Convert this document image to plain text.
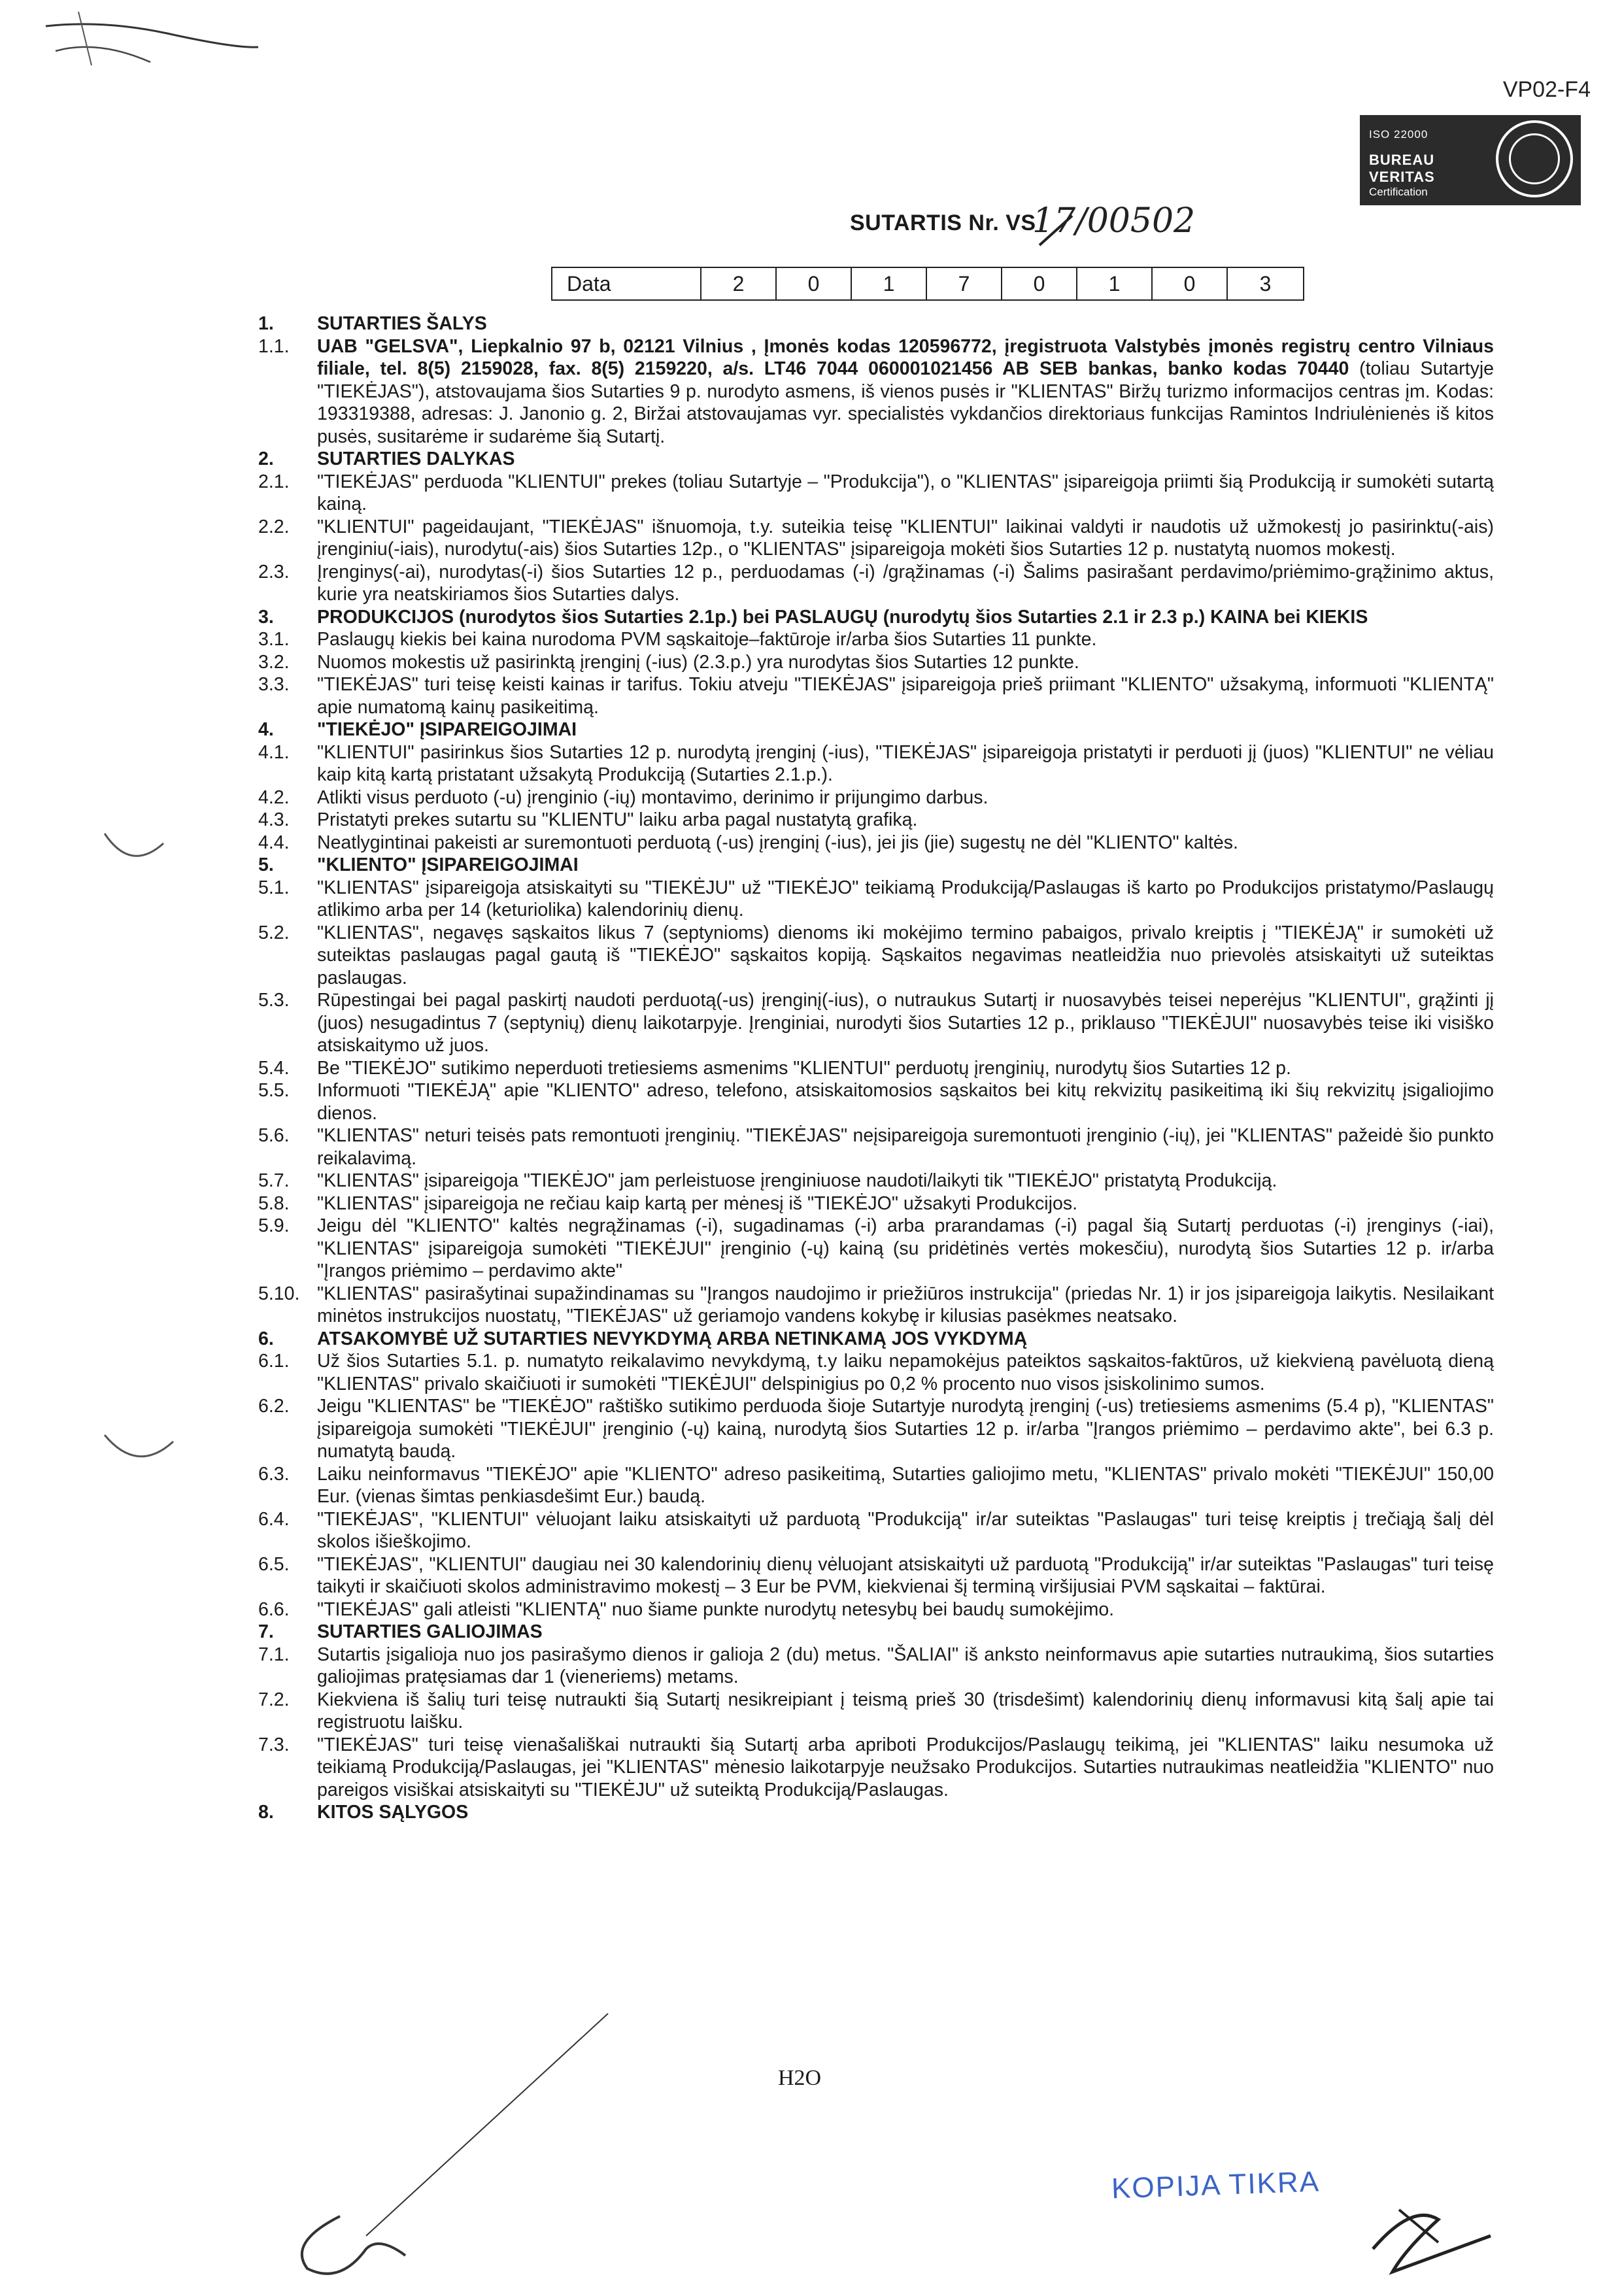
VP02-F4
ISO 22000
BUREAU VERITAS
Certification
SUTARTIS Nr. VS
17/00502
Data	2	0	1	7	0	1	0	3
1.	SUTARTIES ŠALYS
1.1.	UAB "GELSVA", Liepkalnio 97 b, 02121 Vilnius , Įmonės kodas 120596772, įregistruota Valstybės įmonės registrų centro Vilniaus filiale, tel. 8(5) 2159028, fax. 8(5) 2159220, a/s. LT46 7044 060001021456 AB SEB bankas, banko kodas 70440 (toliau Sutartyje "TIEKĖJAS"), atstovaujama šios Sutarties 9 p. nurodyto asmens, iš vienos pusės ir "KLIENTAS" Biržų turizmo informacijos centras įm. Kodas: 193319388, adresas: J. Janonio g. 2, Biržai atstovaujamas vyr. specialistės vykdančios direktoriaus funkcijas Ramintos Indriulėnienės iš kitos pusės, susitarėme ir sudarėme šią Sutartį.
2.	SUTARTIES DALYKAS
2.1.	"TIEKĖJAS" perduoda "KLIENTUI" prekes (toliau Sutartyje – "Produkcija"), o "KLIENTAS" įsipareigoja priimti šią Produkciją ir sumokėti sutartą kainą.
2.2.	"KLIENTUI" pageidaujant, "TIEKĖJAS" išnuomoja, t.y. suteikia teisę "KLIENTUI" laikinai valdyti ir naudotis už užmokestį jo pasirinktu(-ais) įrenginiu(-iais), nurodytu(-ais) šios Sutarties 12p., o "KLIENTAS" įsipareigoja mokėti šios Sutarties 12 p. nustatytą nuomos mokestį.
2.3.	Įrenginys(-ai), nurodytas(-i) šios Sutarties 12 p., perduodamas (-i) /grąžinamas (-i) Šalims pasirašant perdavimo/priėmimo-grąžinimo aktus, kurie yra neatskiriamos šios Sutarties dalys.
3.	PRODUKCIJOS (nurodytos šios Sutarties 2.1p.) bei PASLAUGŲ (nurodytų šios Sutarties 2.1 ir 2.3 p.) KAINA bei KIEKIS
3.1.	Paslaugų kiekis bei kaina nurodoma PVM sąskaitoje–faktūroje ir/arba šios Sutarties 11 punkte.
3.2.	Nuomos mokestis už pasirinktą įrenginį (-ius) (2.3.p.) yra nurodytas šios Sutarties 12 punkte.
3.3.	"TIEKĖJAS" turi teisę keisti kainas ir tarifus. Tokiu atveju "TIEKĖJAS" įsipareigoja prieš priimant "KLIENTO" užsakymą, informuoti "KLIENTĄ" apie numatomą kainų pasikeitimą.
4.	"TIEKĖJO" ĮSIPAREIGOJIMAI
4.1.	"KLIENTUI" pasirinkus šios Sutarties 12 p. nurodytą įrenginį (-ius), "TIEKĖJAS" įsipareigoja pristatyti ir perduoti jį (juos) "KLIENTUI" ne vėliau kaip kitą kartą pristatant užsakytą Produkciją (Sutarties 2.1.p.).
4.2.	Atlikti visus perduoto (-u) įrenginio (-ių) montavimo, derinimo ir prijungimo darbus.
4.3.	Pristatyti prekes sutartu su "KLIENTU" laiku arba pagal nustatytą grafiką.
4.4.	Neatlygintinai pakeisti ar suremontuoti perduotą (-us) įrenginį (-ius), jei jis (jie) sugestų ne dėl "KLIENTO" kaltės.
5.	"KLIENTO" ĮSIPAREIGOJIMAI
5.1.	"KLIENTAS" įsipareigoja atsiskaityti su "TIEKĖJU" už "TIEKĖJO" teikiamą Produkciją/Paslaugas iš karto po Produkcijos pristatymo/Paslaugų atlikimo arba per 14 (keturiolika) kalendorinių dienų.
5.2.	"KLIENTAS", negavęs sąskaitos likus 7 (septynioms) dienoms iki mokėjimo termino pabaigos, privalo kreiptis į "TIEKĖJĄ" ir sumokėti už suteiktas paslaugas pagal gautą iš "TIEKĖJO" sąskaitos kopiją. Sąskaitos negavimas neatleidžia nuo prievolės atsiskaityti už suteiktas paslaugas.
5.3.	Rūpestingai bei pagal paskirtį naudoti perduotą(-us) įrenginį(-ius), o nutraukus Sutartį ir nuosavybės teisei neperėjus "KLIENTUI", grąžinti jį (juos) nesugadintus 7 (septynių) dienų laikotarpyje. Įrenginiai, nurodyti šios Sutarties 12 p., priklauso "TIEKĖJUI" nuosavybės teise iki visiško atsiskaitymo už juos.
5.4.	Be "TIEKĖJO" sutikimo neperduoti tretiesiems asmenims "KLIENTUI" perduotų įrenginių, nurodytų šios Sutarties 12 p.
5.5.	Informuoti "TIEKĖJĄ" apie "KLIENTO" adreso, telefono, atsiskaitomosios sąskaitos bei kitų rekvizitų pasikeitimą iki šių rekvizitų įsigaliojimo dienos.
5.6.	"KLIENTAS" neturi teisės pats remontuoti įrenginių. "TIEKĖJAS" neįsipareigoja suremontuoti įrenginio (-ių), jei "KLIENTAS" pažeidė šio punkto reikalavimą.
5.7.	"KLIENTAS" įsipareigoja "TIEKĖJO" jam perleistuose įrenginiuose naudoti/laikyti tik "TIEKĖJO" pristatytą Produkciją.
5.8.	"KLIENTAS" įsipareigoja ne rečiau kaip kartą per mėnesį iš "TIEKĖJO" užsakyti Produkcijos.
5.9.	Jeigu dėl "KLIENTO" kaltės negrąžinamas (-i), sugadinamas (-i) arba prarandamas (-i) pagal šią Sutartį perduotas (-i) įrenginys (-iai), "KLIENTAS" įsipareigoja sumokėti "TIEKĖJUI" įrenginio (-ų) kainą (su pridėtinės vertės mokesčiu), nurodytą šios Sutarties 12 p. ir/arba "Įrangos priėmimo – perdavimo akte"
5.10. "KLIENTAS" pasirašytinai supažindinamas su "Įrangos naudojimo ir priežiūros instrukcija" (priedas Nr. 1) ir jos įsipareigoja laikytis. Nesilaikant minėtos instrukcijos nuostatų, "TIEKĖJAS" už geriamojo vandens kokybę ir kilusias pasėkmes neatsako.
6.	ATSAKOMYBĖ UŽ SUTARTIES NEVYKDYMĄ ARBA NETINKAMĄ JOS VYKDYMĄ
6.1.	Už šios Sutarties 5.1. p. numatyto reikalavimo nevykdymą, t.y laiku nepamokėjus pateiktos sąskaitos-faktūros, už kiekvieną pavėluotą dieną "KLIENTAS" privalo skaičiuoti ir sumokėti "TIEKĖJUI" delspinigius po 0,2 % procento nuo visos įsiskolinimo sumos.
6.2.	Jeigu "KLIENTAS" be "TIEKĖJO" raštiško sutikimo perduoda šioje Sutartyje nurodytą įrenginį (-us) tretiesiems asmenims (5.4 p), "KLIENTAS" įsipareigoja sumokėti "TIEKĖJUI" įrenginio (-ų) kainą, nurodytą šios Sutarties 12 p. ir/arba "Įrangos priėmimo – perdavimo akte", bei 6.3 p. numatytą baudą.
6.3.	Laiku neinformavus "TIEKĖJO" apie "KLIENTO" adreso pasikeitimą, Sutarties galiojimo metu, "KLIENTAS" privalo mokėti "TIEKĖJUI" 150,00 Eur. (vienas šimtas penkiasdešimt Eur.) baudą.
6.4.	"TIEKĖJAS", "KLIENTUI" vėluojant laiku atsiskaityti už parduotą "Produkciją" ir/ar suteiktas "Paslaugas" turi teisę kreiptis į trečiąją šalį dėl skolos išieškojimo.
6.5.	"TIEKĖJAS", "KLIENTUI" daugiau nei 30 kalendorinių dienų vėluojant atsiskaityti už parduotą "Produkciją" ir/ar suteiktas "Paslaugas" turi teisę taikyti ir skaičiuoti skolos administravimo mokestį – 3 Eur be PVM, kiekvienai šį terminą viršijusiai PVM sąskaitai – faktūrai.
6.6.	"TIEKĖJAS" gali atleisti "KLIENTĄ" nuo šiame punkte nurodytų netesybų bei baudų sumokėjimo.
7.	SUTARTIES GALIOJIMAS
7.1.	Sutartis įsigalioja nuo jos pasirašymo dienos ir galioja 2 (du) metus. "ŠALIAI" iš anksto neinformavus apie sutarties nutraukimą, šios sutarties galiojimas pratęsiamas dar 1 (vieneriems) metams.
7.2.	Kiekviena iš šalių turi teisę nutraukti šią Sutartį nesikreipiant į teismą prieš 30 (trisdešimt) kalendorinių dienų informavusi kitą šalį apie tai registruotu laišku.
7.3.	"TIEKĖJAS" turi teisę vienašališkai nutraukti šią Sutartį arba apriboti Produkcijos/Paslaugų teikimą, jei "KLIENTAS" laiku nesumoka už teikiamą Produkciją/Paslaugas, jei "KLIENTAS" mėnesio laikotarpyje neužsako Produkcijos. Sutarties nutraukimas neatleidžia "KLIENTO" nuo pareigos visiškai atsiskaityti su "TIEKĖJU" už suteiktą Produkciją/Paslaugas.
8.	KITOS SĄLYGOS
H2O
KOPIJA TIKRA
